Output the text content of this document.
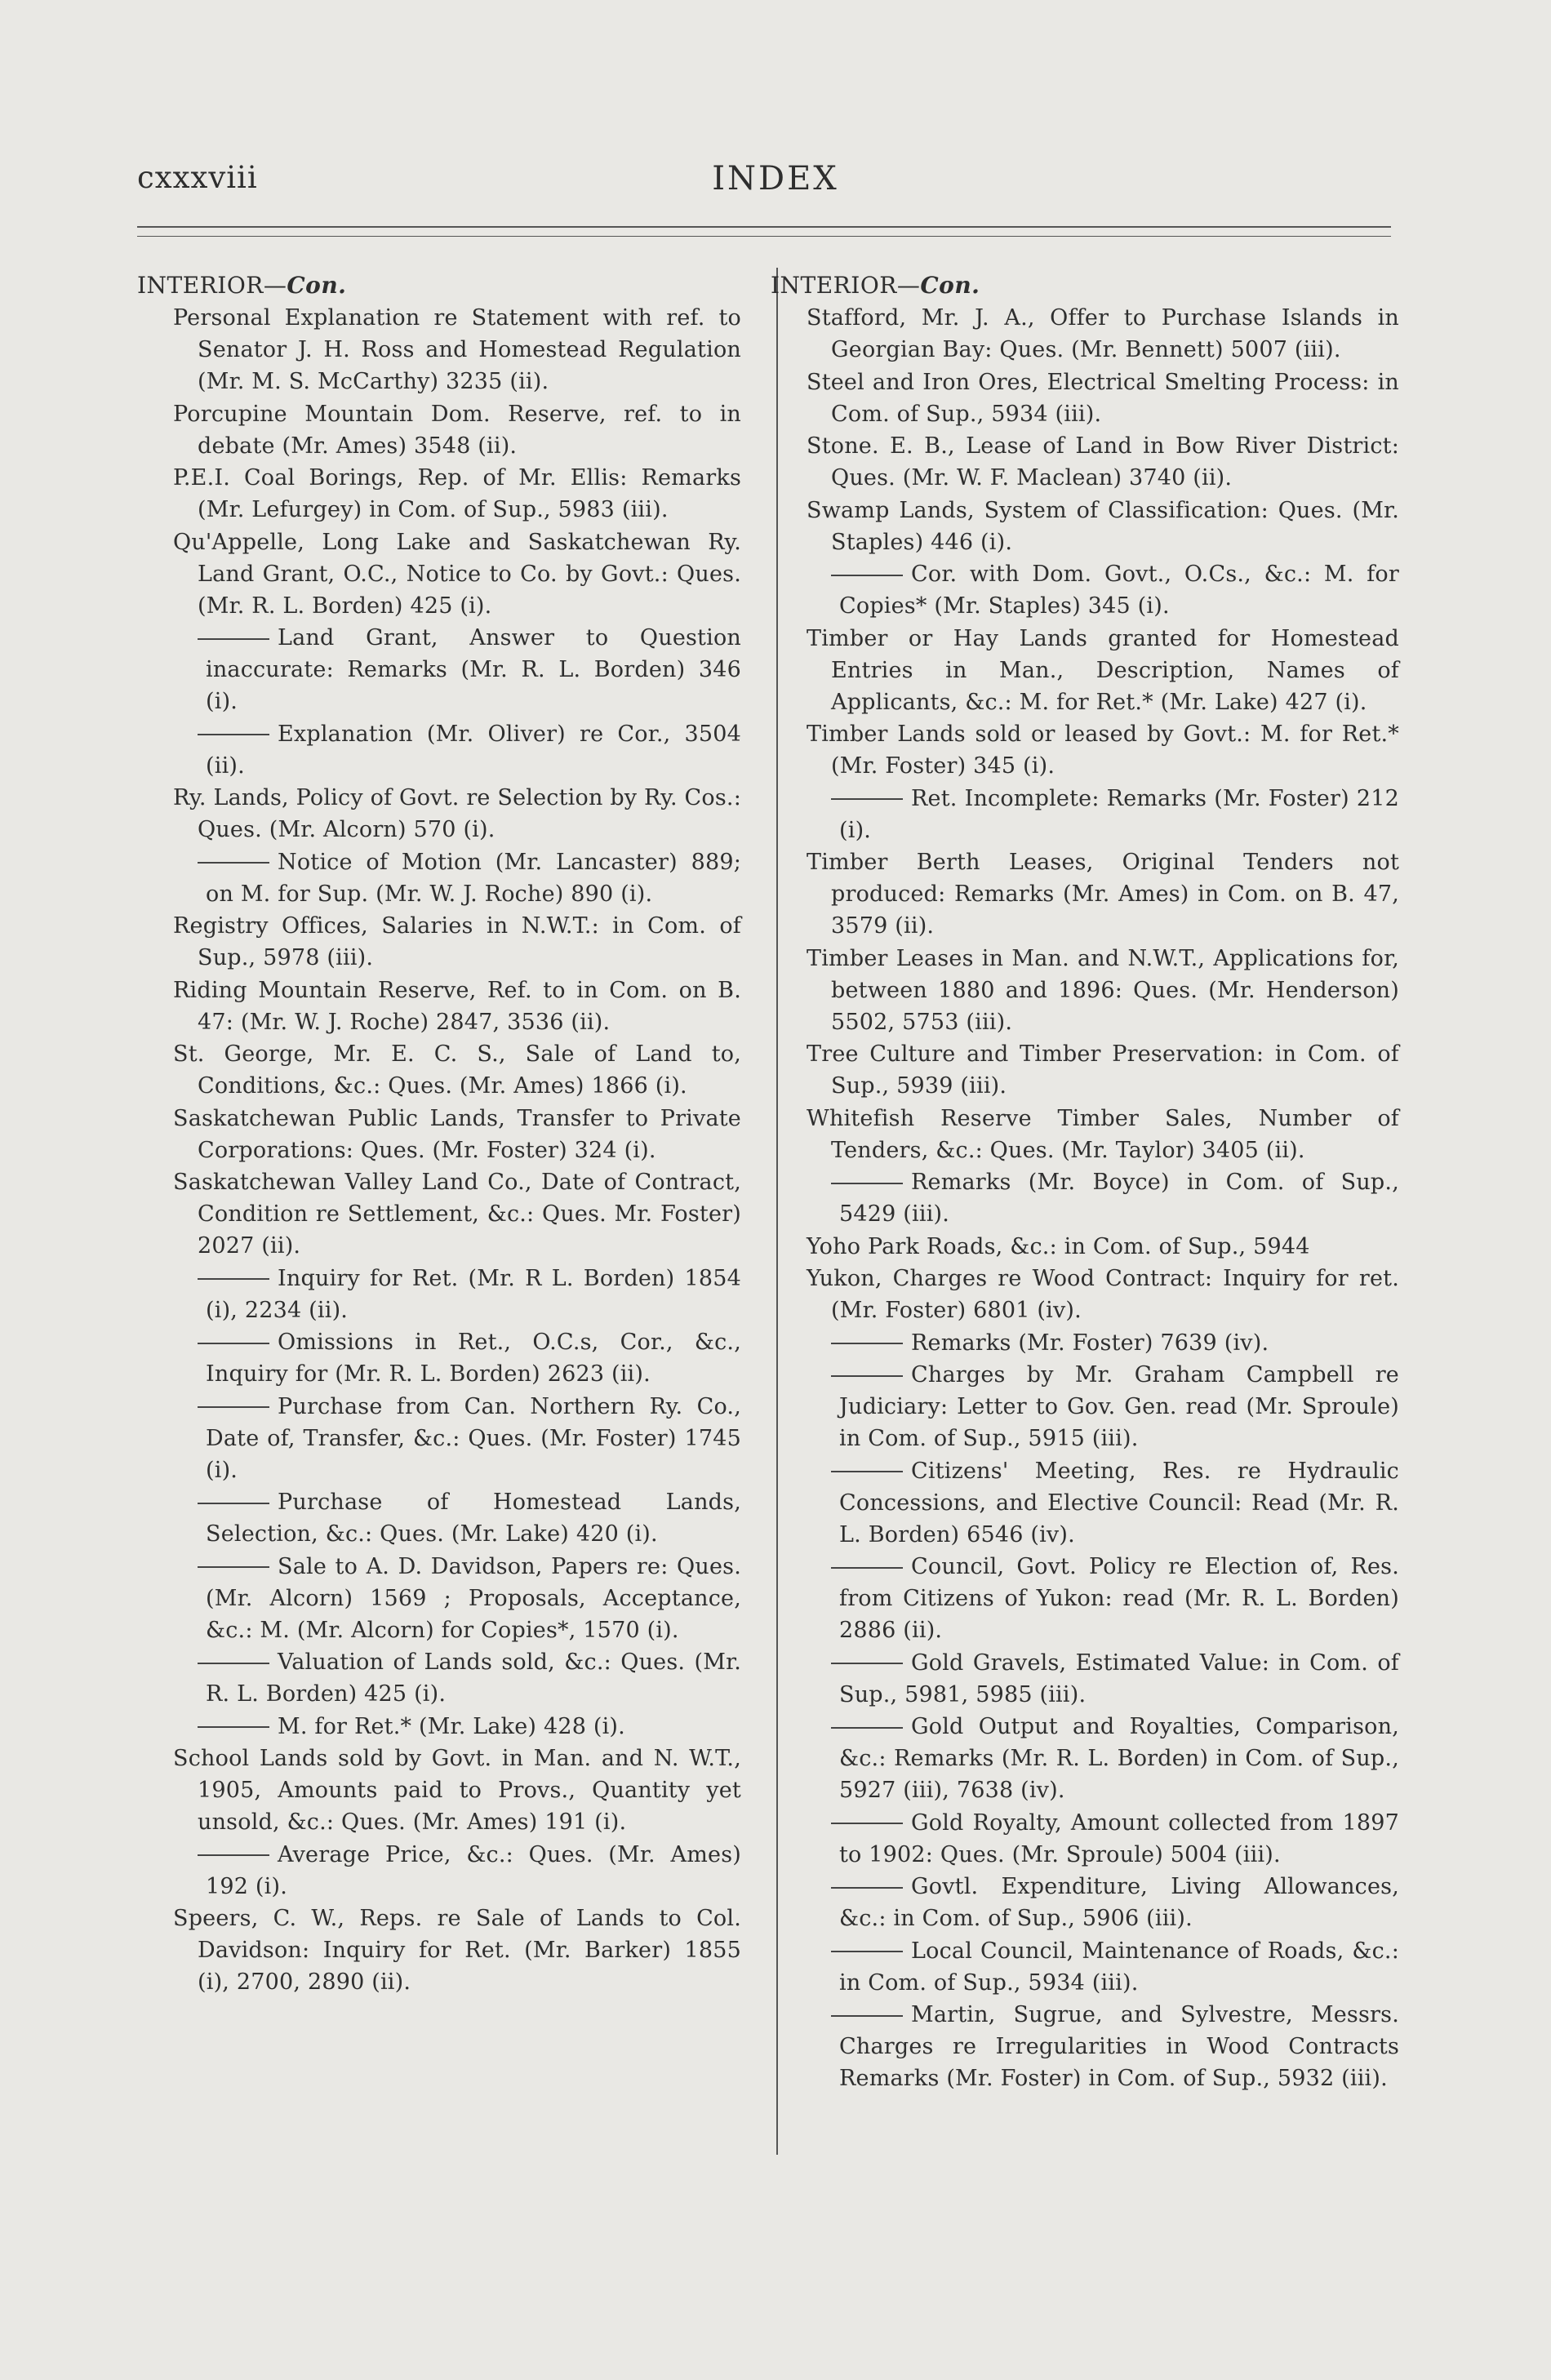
cxxxviii	INDEX
INTERIOR—Con.
Personal Explanation re Statement with ref. to Senator J. H. Ross and Homestead Regulation (Mr. M. S. McCarthy) 3235 (ii).
Porcupine Mountain Dom. Reserve, ref. to in debate (Mr. Ames) 3548 (ii).
P.E.I. Coal Borings, Rep. of Mr. Ellis: Remarks (Mr. Lefurgey) in Com. of Sup., 5983 (iii).
Qu'Appelle, Long Lake and Saskatchewan Ry. Land Grant, O.C., Notice to Co. by Govt.: Ques. (Mr. R. L. Borden) 425 (i).
Land Grant, Answer to Question inaccurate: Remarks (Mr. R. L. Borden) 346 (i).
Explanation (Mr. Oliver) re Cor., 3504 (ii).
Ry. Lands, Policy of Govt. re Selection by Ry. Cos.: Ques. (Mr. Alcorn) 570 (i).
Notice of Motion (Mr. Lancaster) 889; on M. for Sup. (Mr. W. J. Roche) 890 (i).
Registry Offices, Salaries in N.W.T.: in Com. of Sup., 5978 (iii).
Riding Mountain Reserve, Ref. to in Com. on B. 47: (Mr. W. J. Roche) 2847, 3536 (ii).
St. George, Mr. E. C. S., Sale of Land to, Conditions, &c.: Ques. (Mr. Ames) 1866 (i).
Saskatchewan Public Lands, Transfer to Private Corporations: Ques. (Mr. Foster) 324 (i).
Saskatchewan Valley Land Co., Date of Contract, Condition re Settlement, &c.: Ques. Mr. Foster) 2027 (ii).
Inquiry for Ret. (Mr. R L. Borden) 1854 (i), 2234 (ii).
Omissions in Ret., O.C.s, Cor., &c., Inquiry for (Mr. R. L. Borden) 2623 (ii).
Purchase from Can. Northern Ry. Co., Date of, Transfer, &c.: Ques. (Mr. Foster) 1745 (i).
Purchase of Homestead Lands, Selection, &c.: Ques. (Mr. Lake) 420 (i).
Sale to A. D. Davidson, Papers re: Ques. (Mr. Alcorn) 1569 ; Proposals, Acceptance, &c.: M. (Mr. Alcorn) for Copies*, 1570 (i).
Valuation of Lands sold, &c.: Ques. (Mr. R. L. Borden) 425 (i).
M. for Ret.* (Mr. Lake) 428 (i).
School Lands sold by Govt. in Man. and N. W.T., 1905, Amounts paid to Provs., Quantity yet unsold, &c.: Ques. (Mr. Ames) 191 (i).
Average Price, &c.: Ques. (Mr. Ames) 192 (i).
Speers, C. W., Reps. re Sale of Lands to Col. Davidson: Inquiry for Ret. (Mr. Barker) 1855 (i), 2700, 2890 (ii).
INTERIOR—Con.
Stafford, Mr. J. A., Offer to Purchase Islands in Georgian Bay: Ques. (Mr. Bennett) 5007 (iii).
Steel and Iron Ores, Electrical Smelting Process: in Com. of Sup., 5934 (iii).
Stone. E. B., Lease of Land in Bow River District: Ques. (Mr. W. F. Maclean) 3740 (ii).
Swamp Lands, System of Classification: Ques. (Mr. Staples) 446 (i).
Cor. with Dom. Govt., O.Cs., &c.: M. for Copies* (Mr. Staples) 345 (i).
Timber or Hay Lands granted for Homestead Entries in Man., Description, Names of Applicants, &c.: M. for Ret.* (Mr. Lake) 427 (i).
Timber Lands sold or leased by Govt.: M. for Ret.* (Mr. Foster) 345 (i).
Ret. Incomplete: Remarks (Mr. Foster) 212 (i).
Timber Berth Leases, Original Tenders not produced: Remarks (Mr. Ames) in Com. on B. 47, 3579 (ii).
Timber Leases in Man. and N.W.T., Applications for, between 1880 and 1896: Ques. (Mr. Henderson) 5502, 5753 (iii).
Tree Culture and Timber Preservation: in Com. of Sup., 5939 (iii).
Whitefish Reserve Timber Sales, Number of Tenders, &c.: Ques. (Mr. Taylor) 3405 (ii).
Remarks (Mr. Boyce) in Com. of Sup., 5429 (iii).
Yoho Park Roads, &c.: in Com. of Sup., 5944
Yukon, Charges re Wood Contract: Inquiry for ret. (Mr. Foster) 6801 (iv).
Remarks (Mr. Foster) 7639 (iv).
Charges by Mr. Graham Campbell re Judiciary: Letter to Gov. Gen. read (Mr. Sproule) in Com. of Sup., 5915 (iii).
Citizens' Meeting, Res. re Hydraulic Concessions, and Elective Council: Read (Mr. R. L. Borden) 6546 (iv).
Council, Govt. Policy re Election of, Res. from Citizens of Yukon: read (Mr. R. L. Borden) 2886 (ii).
Gold Gravels, Estimated Value: in Com. of Sup., 5981, 5985 (iii).
Gold Output and Royalties, Comparison, &c.: Remarks (Mr. R. L. Borden) in Com. of Sup., 5927 (iii), 7638 (iv).
Gold Royalty, Amount collected from 1897 to 1902: Ques. (Mr. Sproule) 5004 (iii).
Govtl. Expenditure, Living Allowances, &c.: in Com. of Sup., 5906 (iii).
Local Council, Maintenance of Roads, &c.: in Com. of Sup., 5934 (iii).
Martin, Sugrue, and Sylvestre, Messrs. Charges re Irregularities in Wood Contracts Remarks (Mr. Foster) in Com. of Sup., 5932 (iii).
